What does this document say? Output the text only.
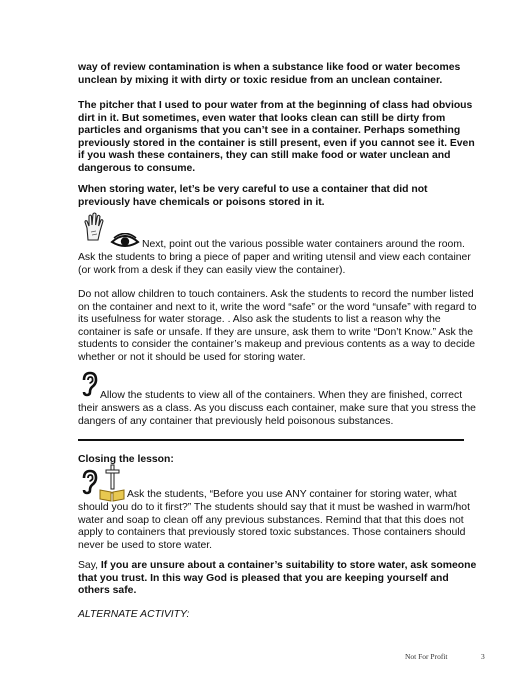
way of review contamination is when a substance like food or water becomes unclean by mixing it with dirty or toxic residue from an unclean container.

The pitcher that I used to pour water from at the beginning of class had obvious dirt in it. But sometimes, even water that looks clean can still be dirty from particles and organisms that you can’t see in a container. Perhaps something previously stored in the container is still present, even if you cannot see it. Even if you wash these containers, they can still make food or water unclean and dangerous to consume.

When storing water, let’s be very careful to use a container that did not previously have chemicals or poisons stored in it.

Next, point out the various possible water containers around the room.

Ask the students to bring a piece of paper and writing utensil and view each container (or work from a desk if they can easily view the container).

Do not allow children to touch containers. Ask the students to record the number listed on the container and next to it, write the word “safe” or the word “unsafe” with regard to its usefulness for water storage. . Also ask the students to list a reason why the container is safe or unsafe. If they are unsure, ask them to write “Don’t Know.” Ask the students to consider the container’s makeup and previous contents as a way to decide whether or not it should be used for storing water.

Allow the students to view all of the containers. When they are finished, correct

their answers as a class. As you discuss each container, make sure that you stress the dangers of any container that previously held poisonous substances.

Closing the lesson:

Ask the students, “Before you use ANY container for storing water, what

should you do to it first?” The students should say that it must be washed in warm/hot water and soap to clean off any previous substances. Remind that that this does not apply to containers that previously stored toxic substances. Those containers should never be used to store water.

Say, If you are unsure about a container’s suitability to store water, ask someone that you trust. In this way God is pleased that you are keeping yourself and others safe.

ALTERNATE ACTIVITY:

Not For Profit	3
